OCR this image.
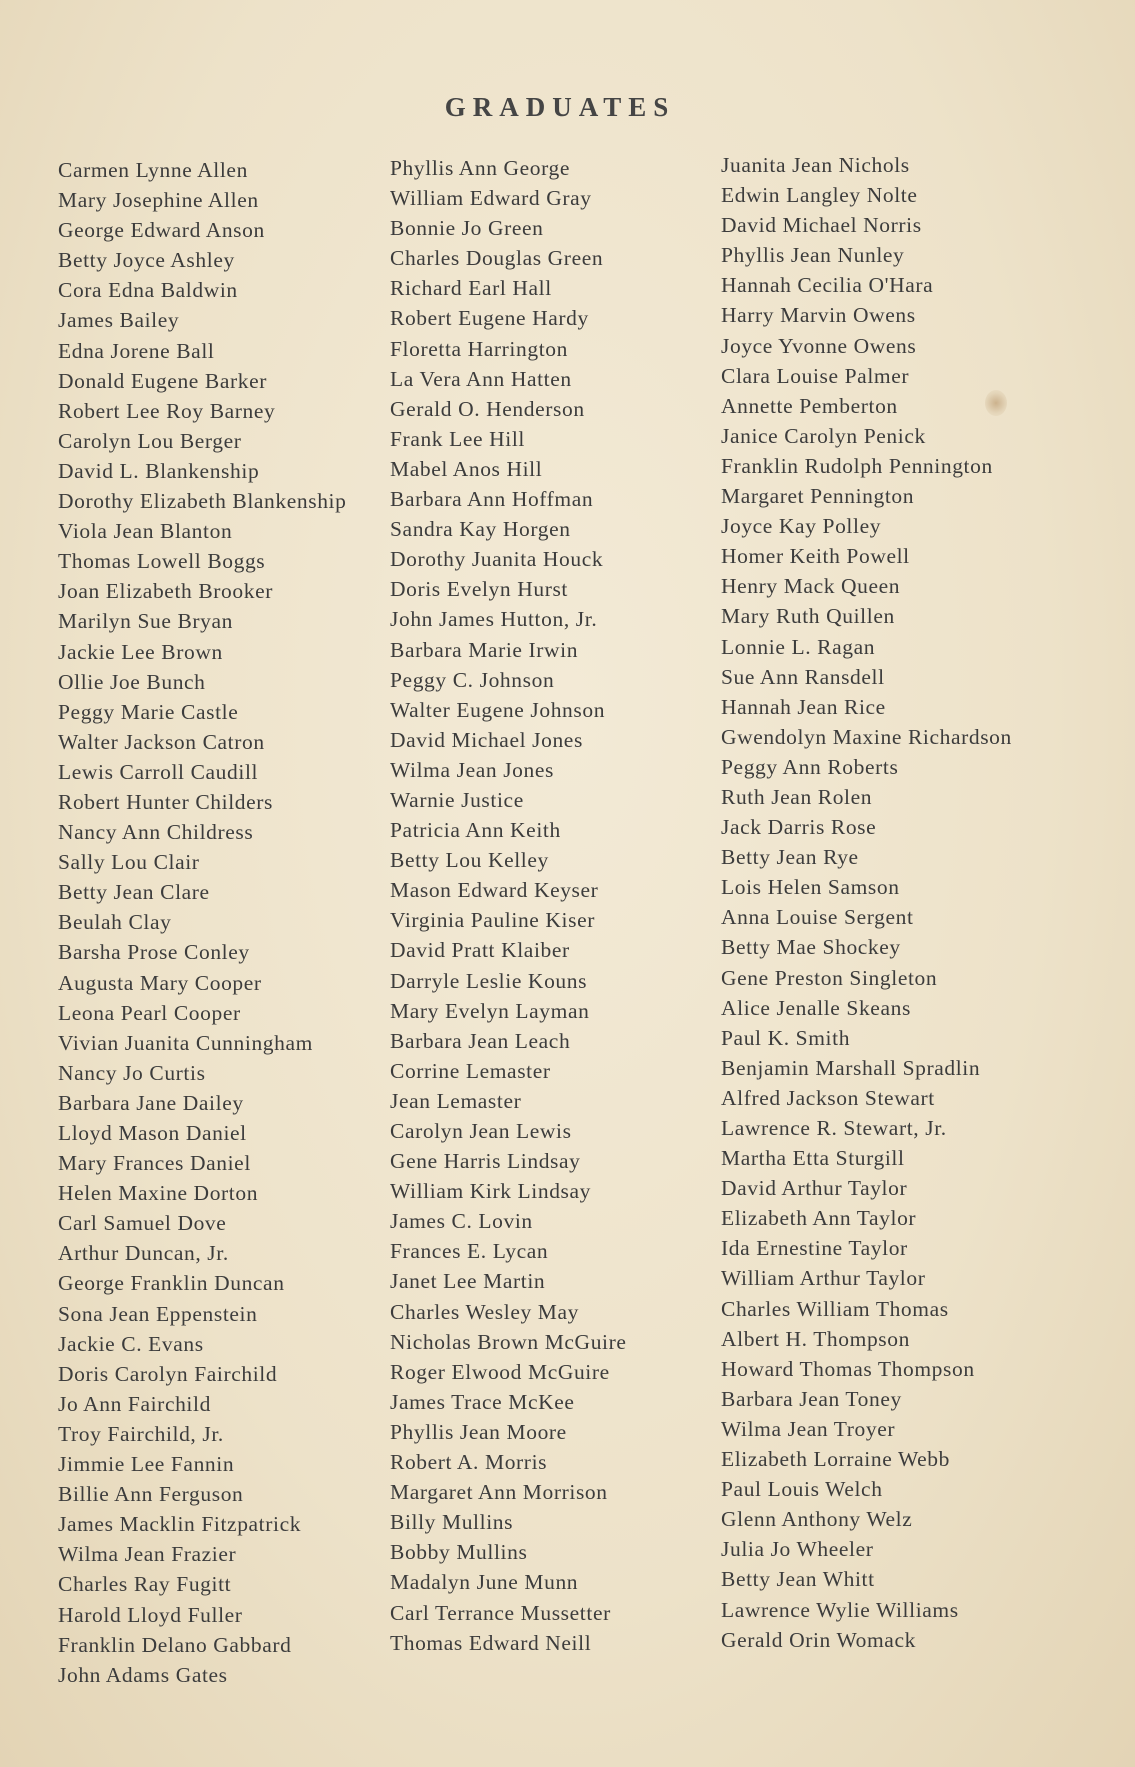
GRADUATES
Carmen Lynne Allen
Mary Josephine Allen
George Edward Anson
Betty Joyce Ashley
Cora Edna Baldwin
James Bailey
Edna Jorene Ball
Donald Eugene Barker
Robert Lee Roy Barney
Carolyn Lou Berger
David L. Blankenship
Dorothy Elizabeth Blankenship
Viola Jean Blanton
Thomas Lowell Boggs
Joan Elizabeth Brooker
Marilyn Sue Bryan
Jackie Lee Brown
Ollie Joe Bunch
Peggy Marie Castle
Walter Jackson Catron
Lewis Carroll Caudill
Robert Hunter Childers
Nancy Ann Childress
Sally Lou Clair
Betty Jean Clare
Beulah Clay
Barsha Prose Conley
Augusta Mary Cooper
Leona Pearl Cooper
Vivian Juanita Cunningham
Nancy Jo Curtis
Barbara Jane Dailey
Lloyd Mason Daniel
Mary Frances Daniel
Helen Maxine Dorton
Carl Samuel Dove
Arthur Duncan, Jr.
George Franklin Duncan
Sona Jean Eppenstein
Jackie C. Evans
Doris Carolyn Fairchild
Jo Ann Fairchild
Troy Fairchild, Jr.
Jimmie Lee Fannin
Billie Ann Ferguson
James Macklin Fitzpatrick
Wilma Jean Frazier
Charles Ray Fugitt
Harold Lloyd Fuller
Franklin Delano Gabbard
John Adams Gates
Phyllis Ann George
William Edward Gray
Bonnie Jo Green
Charles Douglas Green
Richard Earl Hall
Robert Eugene Hardy
Floretta Harrington
La Vera Ann Hatten
Gerald O. Henderson
Frank Lee Hill
Mabel Anos Hill
Barbara Ann Hoffman
Sandra Kay Horgen
Dorothy Juanita Houck
Doris Evelyn Hurst
John James Hutton, Jr.
Barbara Marie Irwin
Peggy C. Johnson
Walter Eugene Johnson
David Michael Jones
Wilma Jean Jones
Warnie Justice
Patricia Ann Keith
Betty Lou Kelley
Mason Edward Keyser
Virginia Pauline Kiser
David Pratt Klaiber
Darryle Leslie Kouns
Mary Evelyn Layman
Barbara Jean Leach
Corrine Lemaster
Jean Lemaster
Carolyn Jean Lewis
Gene Harris Lindsay
William Kirk Lindsay
James C. Lovin
Frances E. Lycan
Janet Lee Martin
Charles Wesley May
Nicholas Brown McGuire
Roger Elwood McGuire
James Trace McKee
Phyllis Jean Moore
Robert A. Morris
Margaret Ann Morrison
Billy Mullins
Bobby Mullins
Madalyn June Munn
Carl Terrance Mussetter
Thomas Edward Neill
Juanita Jean Nichols
Edwin Langley Nolte
David Michael Norris
Phyllis Jean Nunley
Hannah Cecilia O'Hara
Harry Marvin Owens
Joyce Yvonne Owens
Clara Louise Palmer
Annette Pemberton
Janice Carolyn Penick
Franklin Rudolph Pennington
Margaret Pennington
Joyce Kay Polley
Homer Keith Powell
Henry Mack Queen
Mary Ruth Quillen
Lonnie L. Ragan
Sue Ann Ransdell
Hannah Jean Rice
Gwendolyn Maxine Richardson
Peggy Ann Roberts
Ruth Jean Rolen
Jack Darris Rose
Betty Jean Rye
Lois Helen Samson
Anna Louise Sergent
Betty Mae Shockey
Gene Preston Singleton
Alice Jenalle Skeans
Paul K. Smith
Benjamin Marshall Spradlin
Alfred Jackson Stewart
Lawrence R. Stewart, Jr.
Martha Etta Sturgill
David Arthur Taylor
Elizabeth Ann Taylor
Ida Ernestine Taylor
William Arthur Taylor
Charles William Thomas
Albert H. Thompson
Howard Thomas Thompson
Barbara Jean Toney
Wilma Jean Troyer
Elizabeth Lorraine Webb
Paul Louis Welch
Glenn Anthony Welz
Julia Jo Wheeler
Betty Jean Whitt
Lawrence Wylie Williams
Gerald Orin Womack
